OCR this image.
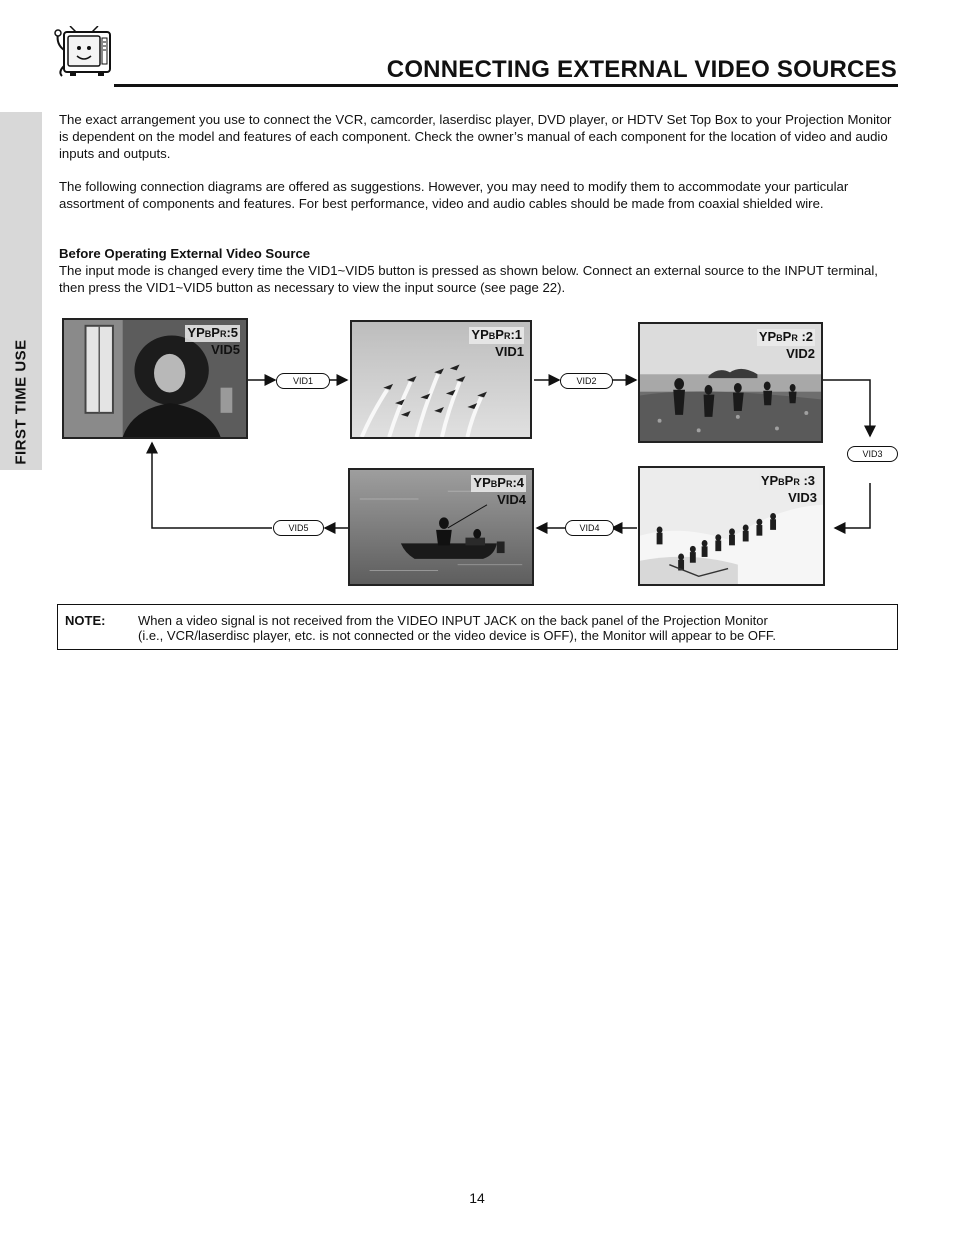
CONNECTING EXTERNAL VIDEO SOURCES
FIRST TIME USE

The exact arrangement you use to connect the VCR, camcorder, laserdisc player, DVD player, or HDTV Set Top Box to your Projection Monitor is dependent on the model and features of each component. Check the owner’s manual of each component for the location of video and audio inputs and outputs.

The following connection diagrams are offered as suggestions. However, you may need to modify them to accommodate your particular assortment of components and features. For best performance, video and audio cables should be made from coaxial shielded wire.

Before Operating External Video Source

The input mode is changed every time the VID1~VID5 button is pressed as shown below. Connect an external source to the INPUT terminal, then press the VID1~VID5 button as necessary to view the input source (see page 22).

YPBPR:5
VID5
YPBPR:1
VID1
YPBPR :2
VID2
YPBPR:4
VID4
YPBPR :3
VID3
VID1	VID2
VID3
VID4
VID5
NOTE:	When a video signal is not received from the VIDEO INPUT JACK on the back panel of the Projection Monitor
(i.e., VCR/laserdisc player, etc. is not connected or the video device is OFF), the Monitor will appear to be OFF.

14
